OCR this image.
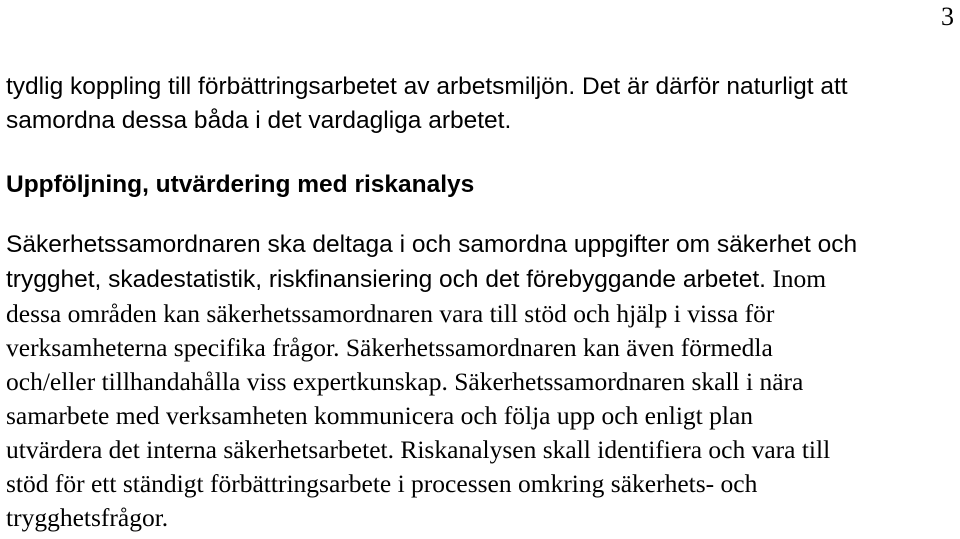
3
tydlig koppling till förbättringsarbetet av arbetsmiljön. Det är därför naturligt att
samordna dessa båda i det vardagliga arbetet.
Uppföljning, utvärdering med riskanalys
Säkerhetssamordnaren ska deltaga i och samordna uppgifter om säkerhet och
trygghet, skadestatistik, riskfinansiering och det förebyggande arbetet. Inom
dessa områden kan säkerhetssamordnaren vara till stöd och hjälp i vissa för
verksamheterna specifika frågor. Säkerhetssamordnaren kan även förmedla
och/eller tillhandahålla viss expertkunskap. Säkerhetssamordnaren skall i nära
samarbete med verksamheten kommunicera och följa upp och enligt plan
utvärdera det interna säkerhetsarbetet. Riskanalysen skall identifiera och vara till
stöd för ett ständigt förbättringsarbete i processen omkring säkerhets- och
trygghetsfrågor.
